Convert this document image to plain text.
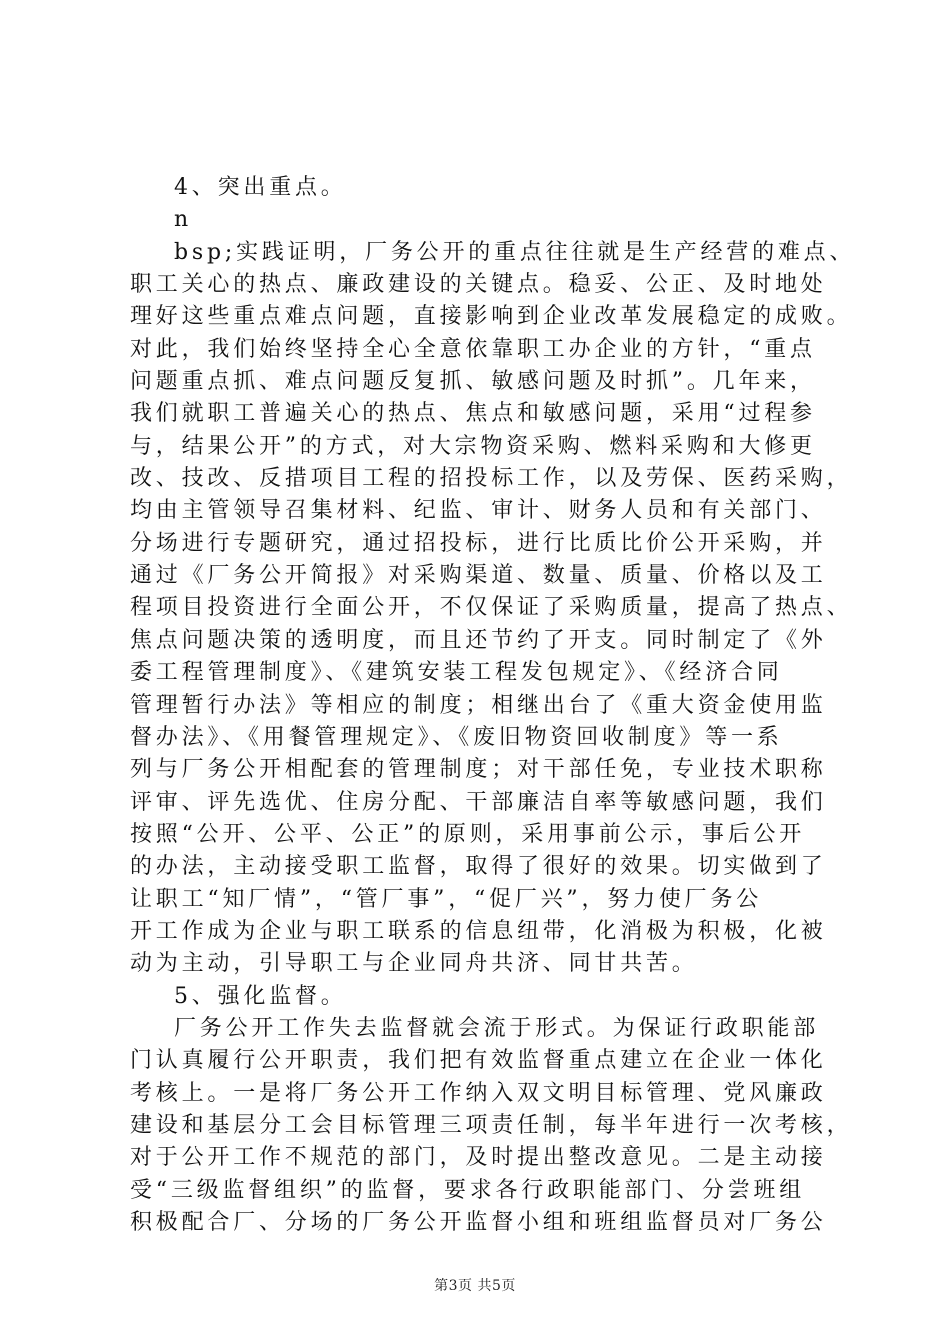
4、突出重点。
n
bsp;实践证明，厂务公开的重点往往就是生产经营的难点、
职工关心的热点、廉政建设的关键点。稳妥、公正、及时地处
理好这些重点难点问题，直接影响到企业改革发展稳定的成败。
对此，我们始终坚持全心全意依靠职工办企业的方针，“重点
问题重点抓、难点问题反复抓、敏感问题及时抓”。几年来，
我们就职工普遍关心的热点、焦点和敏感问题，采用“过程参
与，结果公开”的方式，对大宗物资采购、燃料采购和大修更
改、技改、反措项目工程的招投标工作，以及劳保、医药采购，
均由主管领导召集材料、纪监、审计、财务人员和有关部门、
分场进行专题研究，通过招投标，进行比质比价公开采购，并
通过《厂务公开简报》对采购渠道、数量、质量、价格以及工
程项目投资进行全面公开，不仅保证了采购质量，提高了热点、
焦点问题决策的透明度，而且还节约了开支。同时制定了《外
委工程管理制度》、《建筑安装工程发包规定》、《经济合同
管理暂行办法》等相应的制度；相继出台了《重大资金使用监
督办法》、《用餐管理规定》、《废旧物资回收制度》等一系
列与厂务公开相配套的管理制度；对干部任免，专业技术职称
评审、评先选优、住房分配、干部廉洁自率等敏感问题，我们
按照“公开、公平、公正”的原则，采用事前公示，事后公开
的办法，主动接受职工监督，取得了很好的效果。切实做到了
让职工“知厂情”，“管厂事”，“促厂兴”，努力使厂务公
开工作成为企业与职工联系的信息纽带，化消极为积极，化被
动为主动，引导职工与企业同舟共济、同甘共苦。
5、强化监督。
厂务公开工作失去监督就会流于形式。为保证行政职能部
门认真履行公开职责，我们把有效监督重点建立在企业一体化
考核上。一是将厂务公开工作纳入双文明目标管理、党风廉政
建设和基层分工会目标管理三项责任制，每半年进行一次考核，
对于公开工作不规范的部门，及时提出整改意见。二是主动接
受“三级监督组织”的监督，要求各行政职能部门、分尝班组
积极配合厂、分场的厂务公开监督小组和班组监督员对厂务公
第3页 共5页
